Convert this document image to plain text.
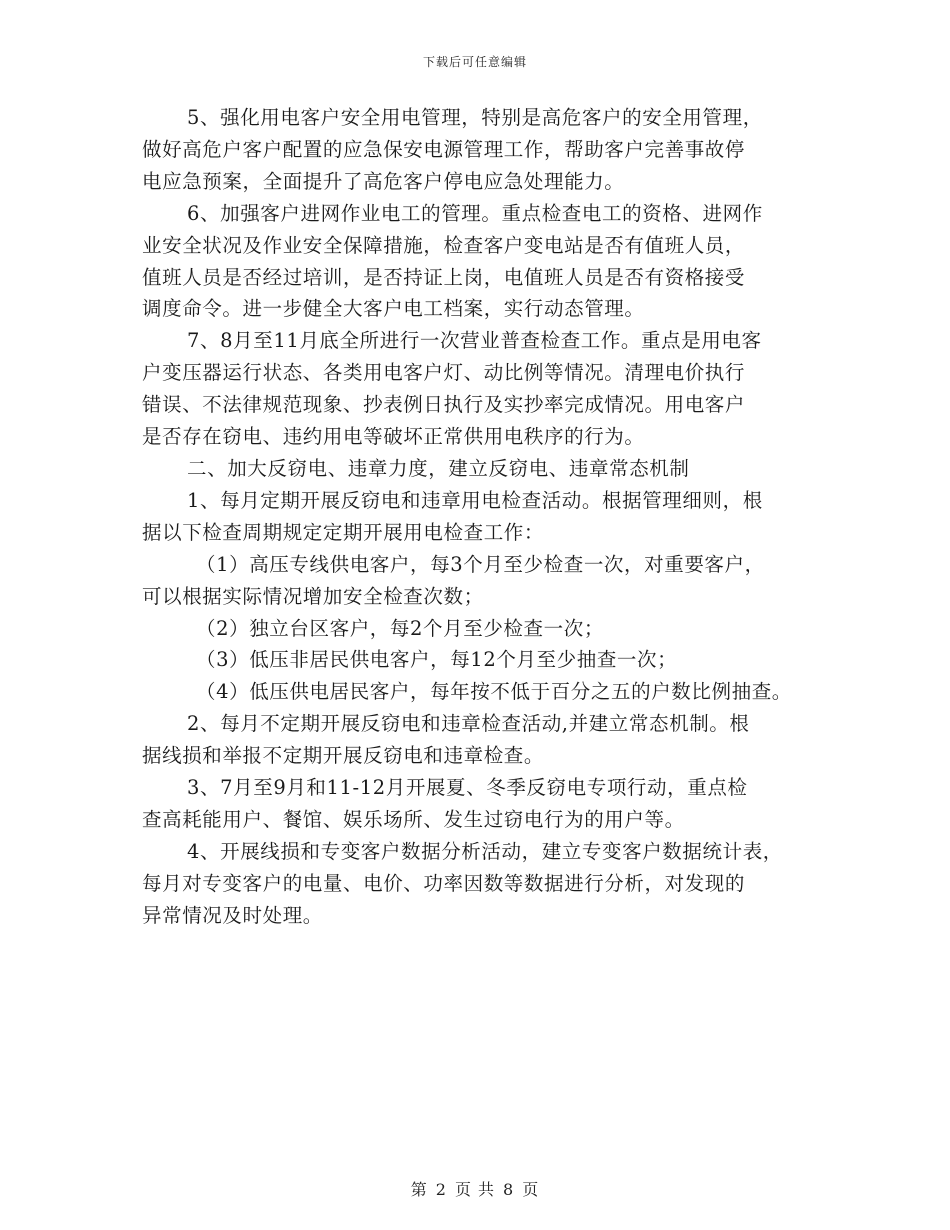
下载后可任意编辑
5、强化用电客户安全用电管理，特别是高危客户的安全用管理，
做好高危户客户配置的应急保安电源管理工作，帮助客户完善事故停
电应急预案，全面提升了高危客户停电应急处理能力。
6、加强客户进网作业电工的管理。重点检查电工的资格、进网作
业安全状况及作业安全保障措施，检查客户变电站是否有值班人员，
值班人员是否经过培训，是否持证上岗，电值班人员是否有资格接受
调度命令。进一步健全大客户电工档案，实行动态管理。
7、8月至11月底全所进行一次营业普查检查工作。重点是用电客
户变压器运行状态、各类用电客户灯、动比例等情况。清理电价执行
错误、不法律规范现象、抄表例日执行及实抄率完成情况。用电客户
是否存在窃电、违约用电等破坏正常供用电秩序的行为。
二、加大反窃电、违章力度，建立反窃电、违章常态机制
1、每月定期开展反窃电和违章用电检查活动。根据管理细则，根
据以下检查周期规定定期开展用电检查工作：
（1）高压专线供电客户，每3个月至少检查一次，对重要客户，
可以根据实际情况增加安全检查次数；
（2）独立台区客户，每2个月至少检查一次；
（3）低压非居民供电客户，每12个月至少抽查一次；
（4）低压供电居民客户，每年按不低于百分之五的户数比例抽查。
2、每月不定期开展反窃电和违章检查活动,并建立常态机制。根
据线损和举报不定期开展反窃电和违章检查。
3、7月至9月和11-12月开展夏、冬季反窃电专项行动，重点检
查高耗能用户、餐馆、娱乐场所、发生过窃电行为的用户等。
4、开展线损和专变客户数据分析活动，建立专变客户数据统计表，
每月对专变客户的电量、电价、功率因数等数据进行分析，对发现的
异常情况及时处理。
第 2 页 共 8 页
